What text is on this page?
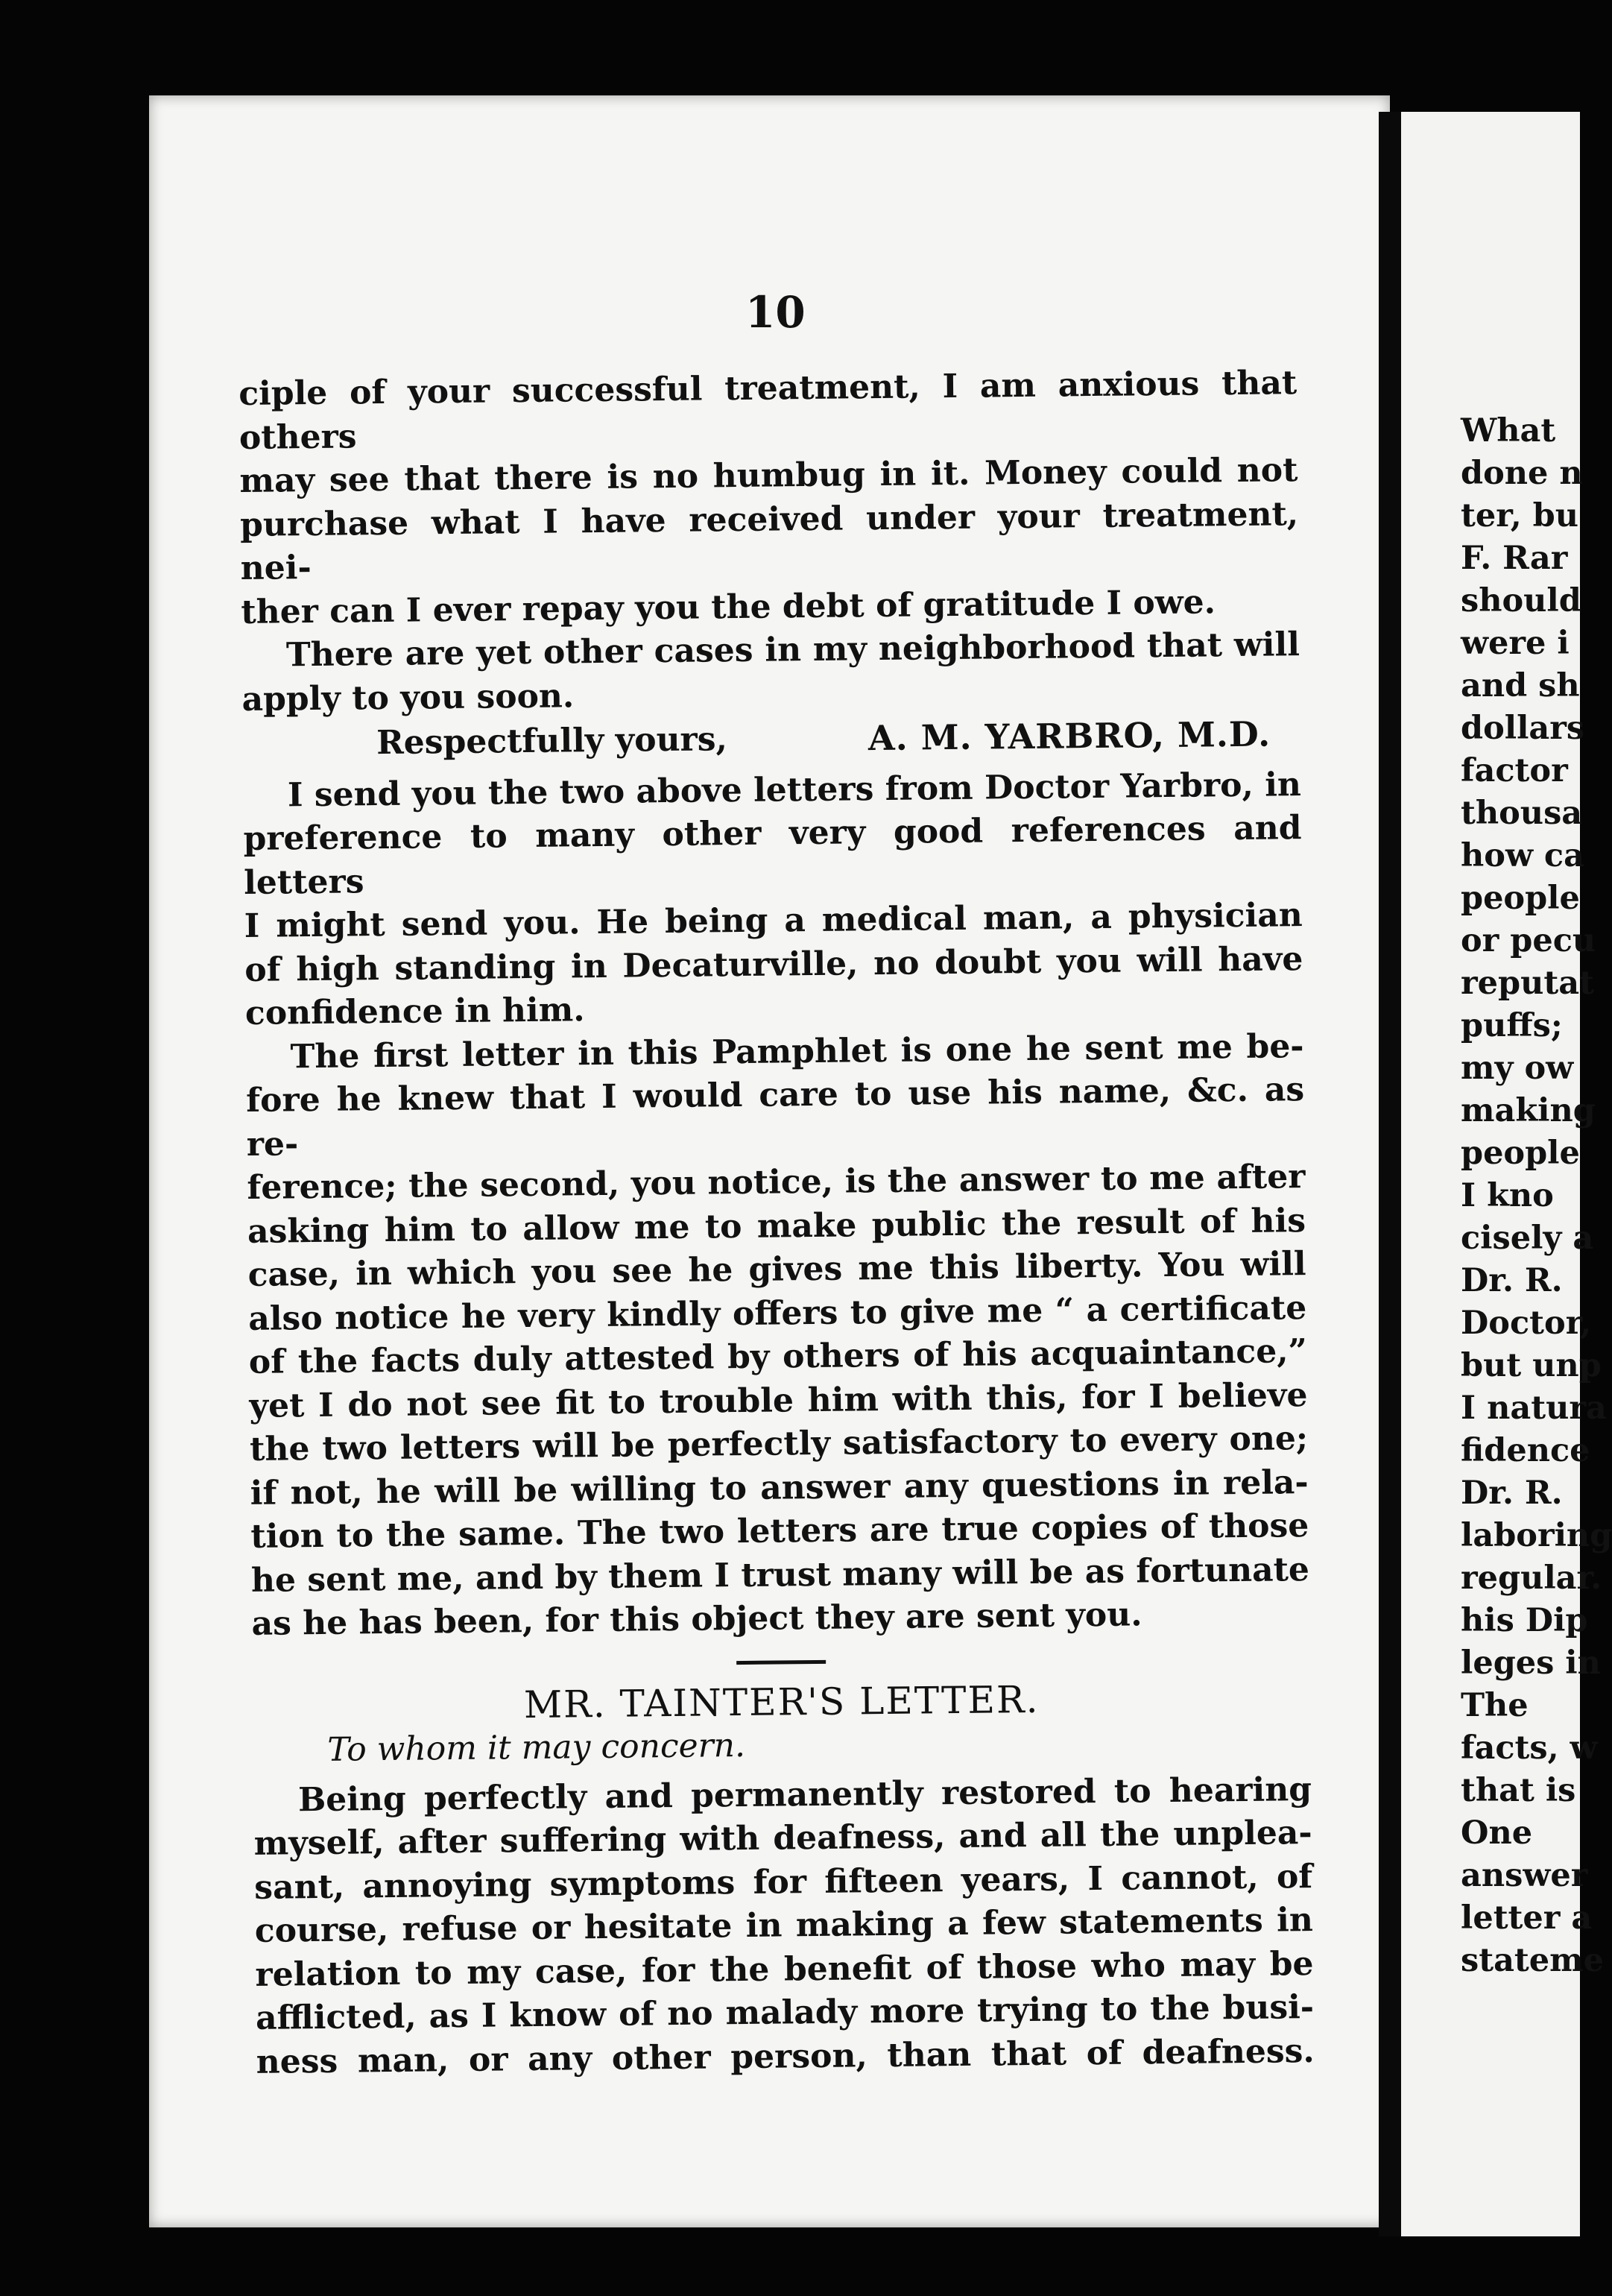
What
done n
ter, bu
F. Rar
should
were i
and sh
dollars
factor
thousa
how ca
people
or pecu
reputat
puffs;
my ow
making
people
I kno
cisely a
Dr. R.
Doctor,
but unp
I natura
fidence
Dr. R.
laboring
regular.
his Dip
leges in
The
facts, w
that is
One
answer
letter a
stateme
10

ciple of your successful treatment, I am anxious that others

may see that there is no humbug in it. Money could not

purchase what I have received under your treatment, nei-

ther can I ever repay you the debt of gratitude I owe.

There are yet other cases in my neighborhood that will

apply to you soon.

Respectfully yours,	A. M. YARBRO, M.D.

I send you the two above letters from Doctor Yarbro, in

preference to many other very good references and letters

I might send you. He being a medical man, a physician

of high standing in Decaturville, no doubt you will have

confidence in him.

The first letter in this Pamphlet is one he sent me be-

fore he knew that I would care to use his name, &c. as re-

ference; the second, you notice, is the answer to me after

asking him to allow me to make public the result of his

case, in which you see he gives me this liberty. You will

also notice he very kindly offers to give me “ a certificate

of the facts duly attested by others of his acquaintance,”

yet I do not see fit to trouble him with this, for I believe

the two letters will be perfectly satisfactory to every one;

if not, he will be willing to answer any questions in rela-

tion to the same. The two letters are true copies of those

he sent me, and by them I trust many will be as fortunate

as he has been, for this object they are sent you.

MR. TAINTER'S LETTER.

To whom it may concern.

Being perfectly and permanently restored to hearing

myself, after suffering with deafness, and all the unplea-

sant, annoying symptoms for fifteen years, I cannot, of

course, refuse or hesitate in making a few statements in

relation to my case, for the benefit of those who may be

afflicted, as I know of no malady more trying to the busi-

ness man, or any other person, than that of deafness.
